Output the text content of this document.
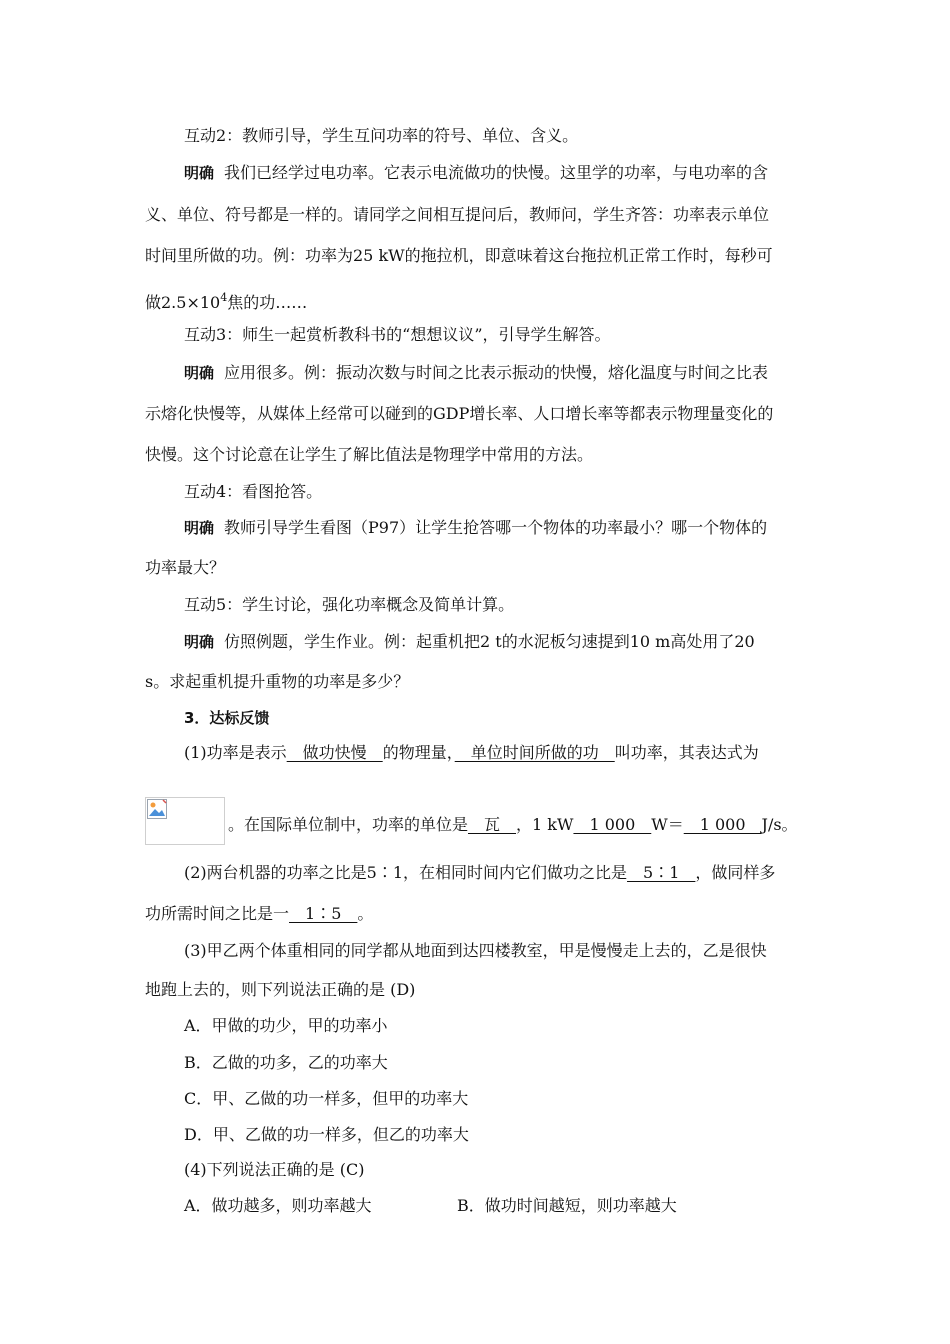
互动2：教师引导，学生互问功率的符号、单位、含义。
明确 我们已经学过电功率。它表示电流做功的快慢。这里学的功率，与电功率的含
义、单位、符号都是一样的。请同学之间相互提问后，教师问，学生齐答：功率表示单位
时间里所做的功。例：功率为25 kW的拖拉机，即意味着这台拖拉机正常工作时，每秒可
做$2.5\times 10^4$焦的功……
互动3：师生一起赏析教科书的“想想议议”，引导学生解答。
明确 应用很多。例：振动次数与时间之比表示振动的快慢，熔化温度与时间之比表
示熔化快慢等，从媒体上经常可以碰到的GDP增长率、人口增长率等都表示物理量变化的
快慢。这个讨论意在让学生了解比值法是物理学中常用的方法。
互动4：看图抢答。
明确 教师引导学生看图（P97）让学生抢答哪一个物体的功率最小？哪一个物体的
功率最大？
互动5：学生讨论，强化功率概念及简单计算。
明确 仿照例题，学生作业。例：起重机把2 t的水泥板匀速提到10 m高处用了20
s。求起重机提升重物的功率是多少？
3．达标反馈
(1)功率是表示　做功快慢　的物理量，　单位时间所做的功　叫功率，其表达式为
。在国际单位制中，功率的单位是　瓦　，1 kW　1 000　W＝　1 000　J/s。
(2)两台机器的功率之比是5∶1，在相同时间内它们做功之比是　5∶1　，做同样多
功所需时间之比是一　1∶5　。
(3)甲乙两个体重相同的同学都从地面到达四楼教室，甲是慢慢走上去的，乙是很快
地跑上去的，则下列说法正确的是 (D)
A．甲做的功少，甲的功率小
B．乙做的功多，乙的功率大
C．甲、乙做的功一样多，但甲的功率大
D．甲、乙做的功一样多，但乙的功率大
(4)下列说法正确的是 (C)
A．做功越多，则功率越大	B．做功时间越短，则功率越大
